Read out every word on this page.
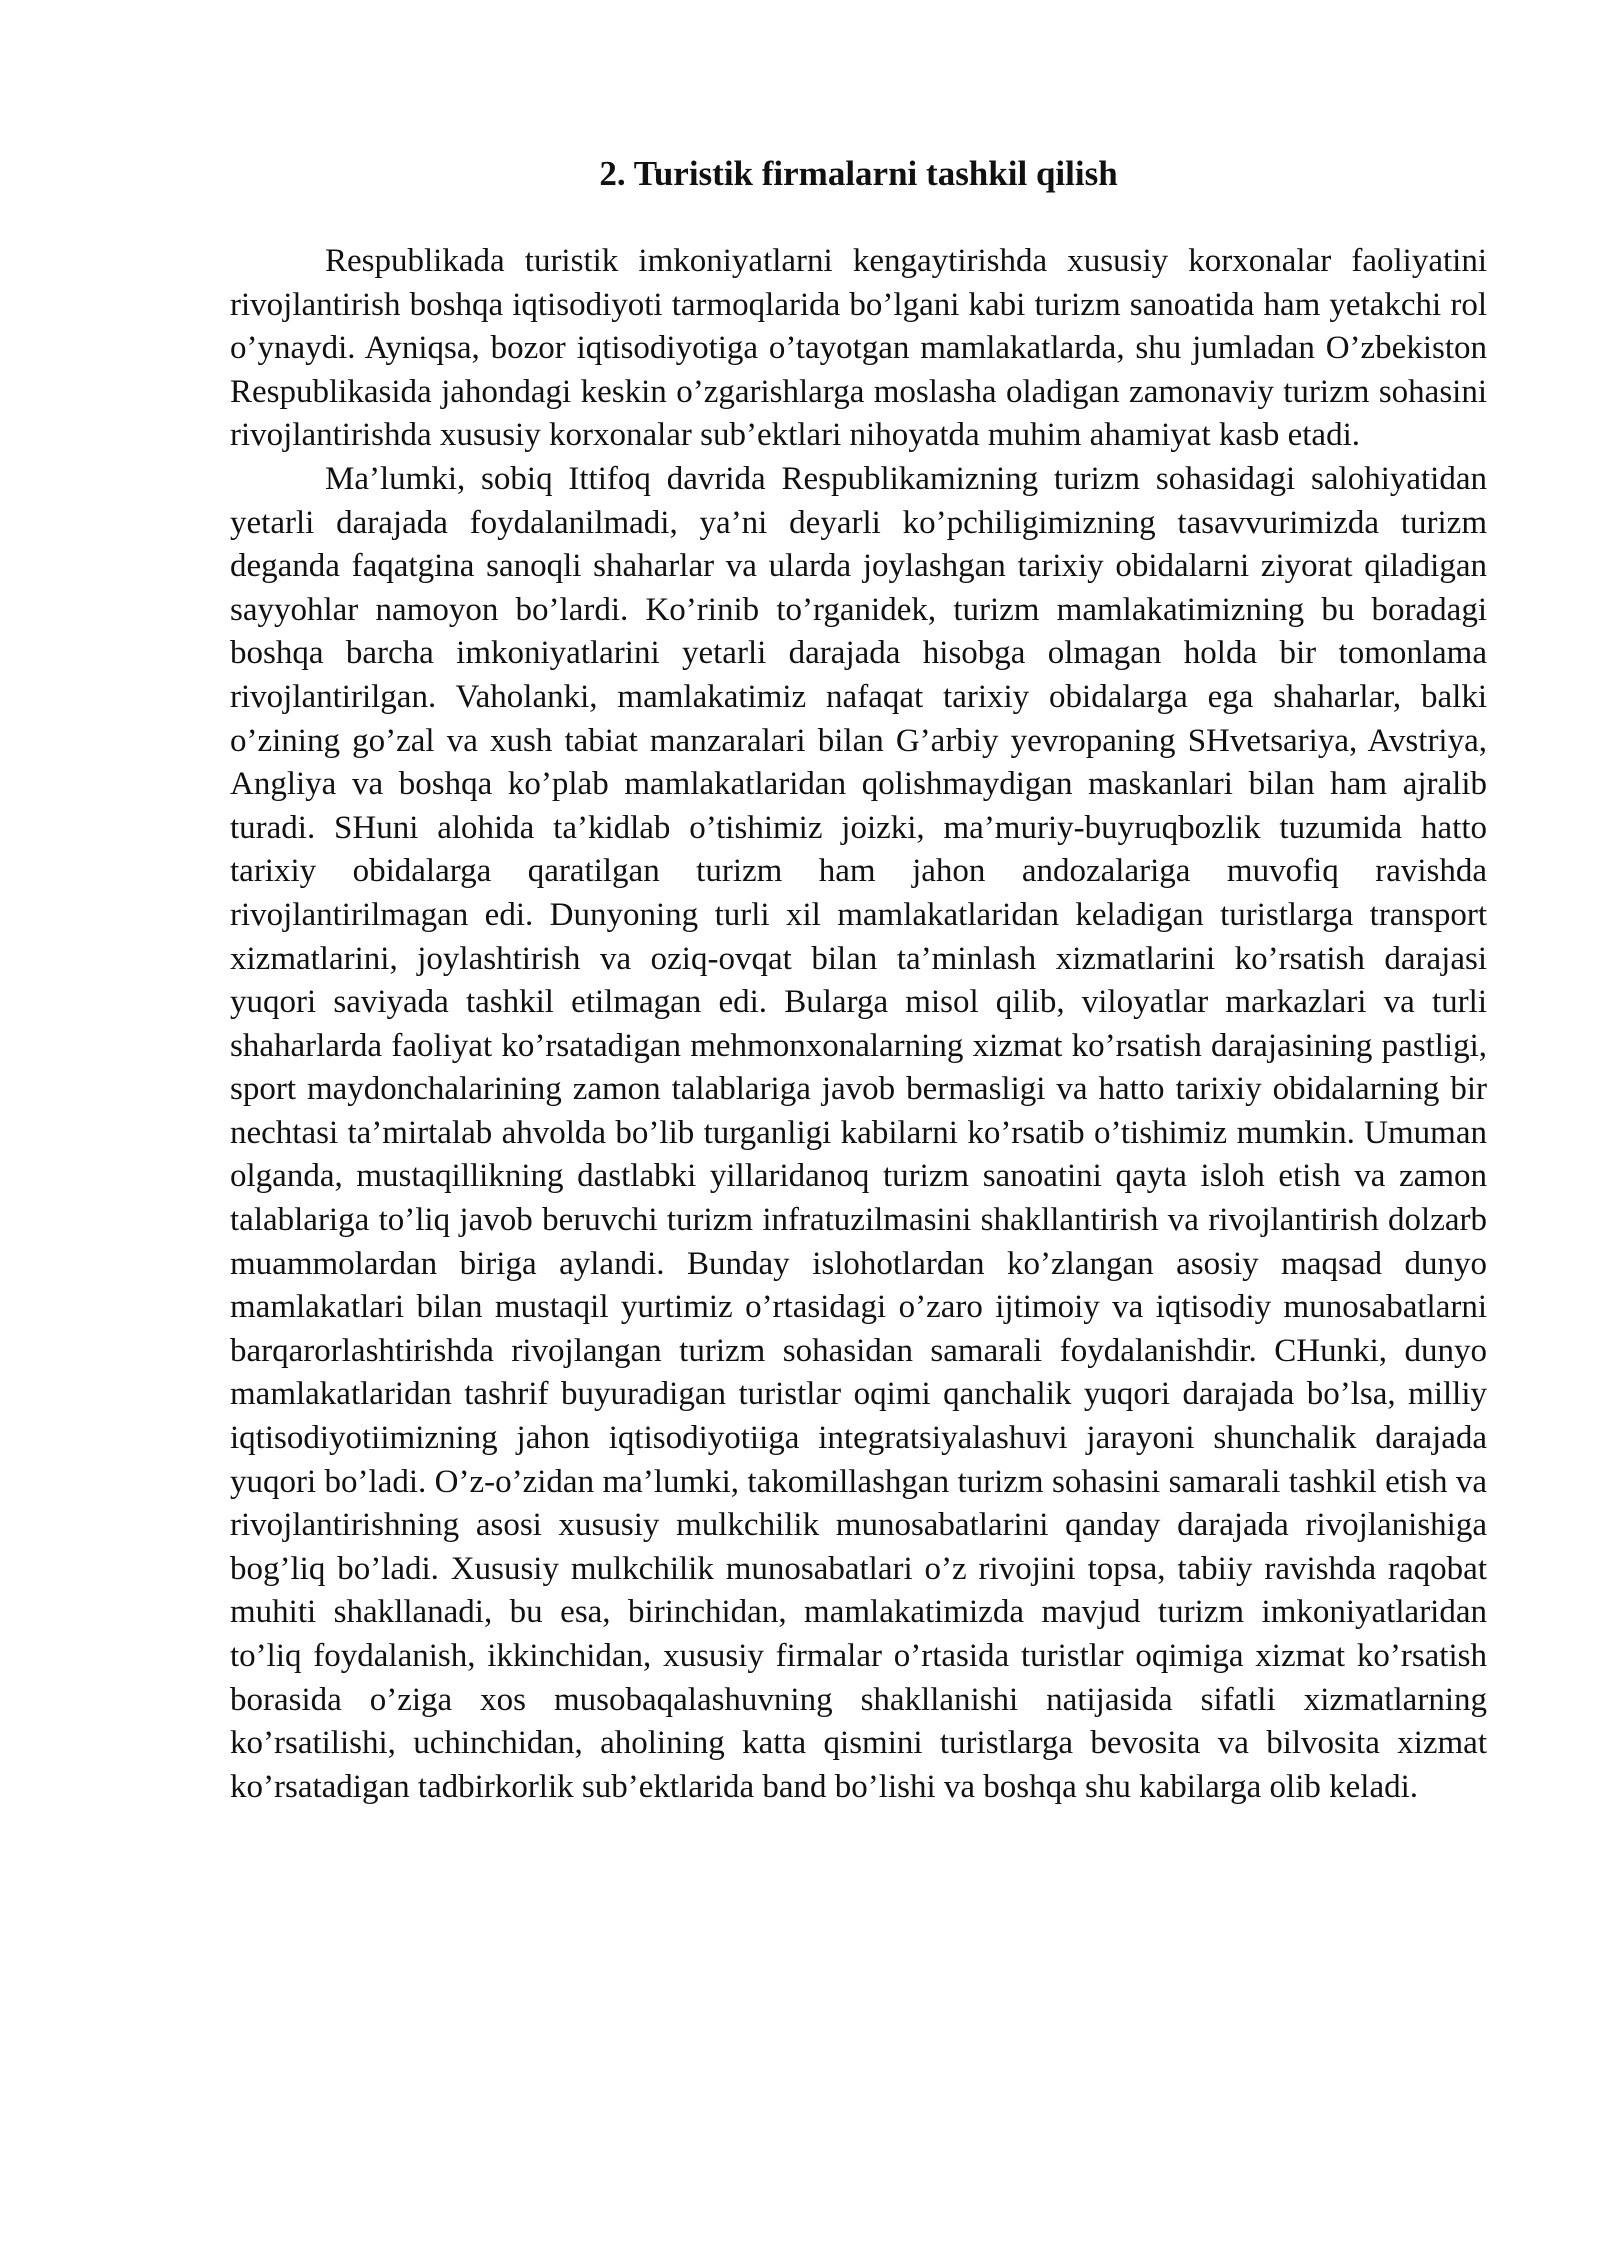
2. Turistik firmalarni tashkil qilish

Respublikada turistik imkoniyatlarni kengaytirishda xususiy korxonalar faoliyatini rivojlantirish boshqa iqtisodiyoti tarmoqlarida bo’lgani kabi turizm sanoatida ham yetakchi rol o’ynaydi. Ayniqsa, bozor iqtisodiyotiga o’tayotgan mamlakatlarda, shu jumladan O’zbekiston Respublikasida jahondagi keskin o’zgarishlarga moslasha oladigan zamonaviy turizm sohasini rivojlantirishda xususiy korxonalar sub’ektlari nihoyatda muhim ahamiyat kasb etadi.

Ma’lumki, sobiq Ittifoq davrida Respublikamizning turizm sohasidagi salohiyatidan yetarli darajada foydalanilmadi, ya’ni deyarli ko’pchiligimizning tasavvurimizda turizm deganda faqatgina sanoqli shaharlar va ularda joylashgan tarixiy obidalarni ziyorat qiladigan sayyohlar namoyon bo’lardi. Ko’rinib to’rganidek, turizm mamlakatimizning bu boradagi boshqa barcha imkoniyatlarini yetarli darajada hisobga olmagan holda bir tomonlama rivojlantirilgan. Vaholanki, mamlakatimiz nafaqat tarixiy obidalarga ega shaharlar, balki o’zining go’zal va xush tabiat manzaralari bilan G’arbiy yevropaning SHvetsariya, Avstriya, Angliya va boshqa ko’plab mamlakatlaridan qolishmaydigan maskanlari bilan ham ajralib turadi. SHuni alohida ta’kidlab o’tishimiz joizki, ma’muriy-buyruqbozlik tuzumida hatto tarixiy obidalarga qaratilgan turizm ham jahon andozalariga muvofiq ravishda rivojlantirilmagan edi. Dunyoning turli xil mamlakatlaridan keladigan turistlarga transport xizmatlarini, joylashtirish va oziq-ovqat bilan ta’minlash xizmatlarini ko’rsatish darajasi yuqori saviyada tashkil etilmagan edi. Bularga misol qilib, viloyatlar markazlari va turli shaharlarda faoliyat ko’rsatadigan mehmonxonalarning xizmat ko’rsatish darajasining pastligi, sport maydonchalarining zamon talablariga javob bermasligi va hatto tarixiy obidalarning bir nechtasi ta’mirtalab ahvolda bo’lib turganligi kabilarni ko’rsatib o’tishimiz mumkin. Umuman olganda, mustaqillikning dastlabki yillaridanoq turizm sanoatini qayta isloh etish va zamon talablariga to’liq javob beruvchi turizm infratuzilmasini shakllantirish va rivojlantirish dolzarb muammolardan biriga aylandi. Bunday islohotlardan ko’zlangan asosiy maqsad dunyo mamlakatlari bilan mustaqil yurtimiz o’rtasidagi o’zaro ijtimoiy va iqtisodiy munosabatlarni barqarorlashtirishda rivojlangan turizm sohasidan samarali foydalanishdir. CHunki, dunyo mamlakatlaridan tashrif buyuradigan turistlar oqimi qanchalik yuqori darajada bo’lsa, milliy iqtisodiyotiimizning jahon iqtisodiyotiiga integratsiyalashuvi jarayoni shunchalik darajada yuqori bo’ladi. O’z-o’zidan ma’lumki, takomillashgan turizm sohasini samarali tashkil etish va rivojlantirishning asosi xususiy mulkchilik munosabatlarini qanday darajada rivojlanishiga bog’liq bo’ladi. Xususiy mulkchilik munosabatlari o’z rivojini topsa, tabiiy ravishda raqobat muhiti shakllanadi, bu esa, birinchidan, mamlakatimizda mavjud turizm imkoniyatlaridan to’liq foydalanish, ikkinchidan, xususiy firmalar o’rtasida turistlar oqimiga xizmat ko’rsatish borasida o’ziga xos musobaqalashuvning shakllanishi natijasida sifatli xizmatlarning ko’rsatilishi, uchinchidan, aholining katta qismini turistlarga bevosita va bilvosita xizmat ko’rsatadigan tadbirkorlik sub’ektlarida band bo’lishi va boshqa shu kabilarga olib keladi.
